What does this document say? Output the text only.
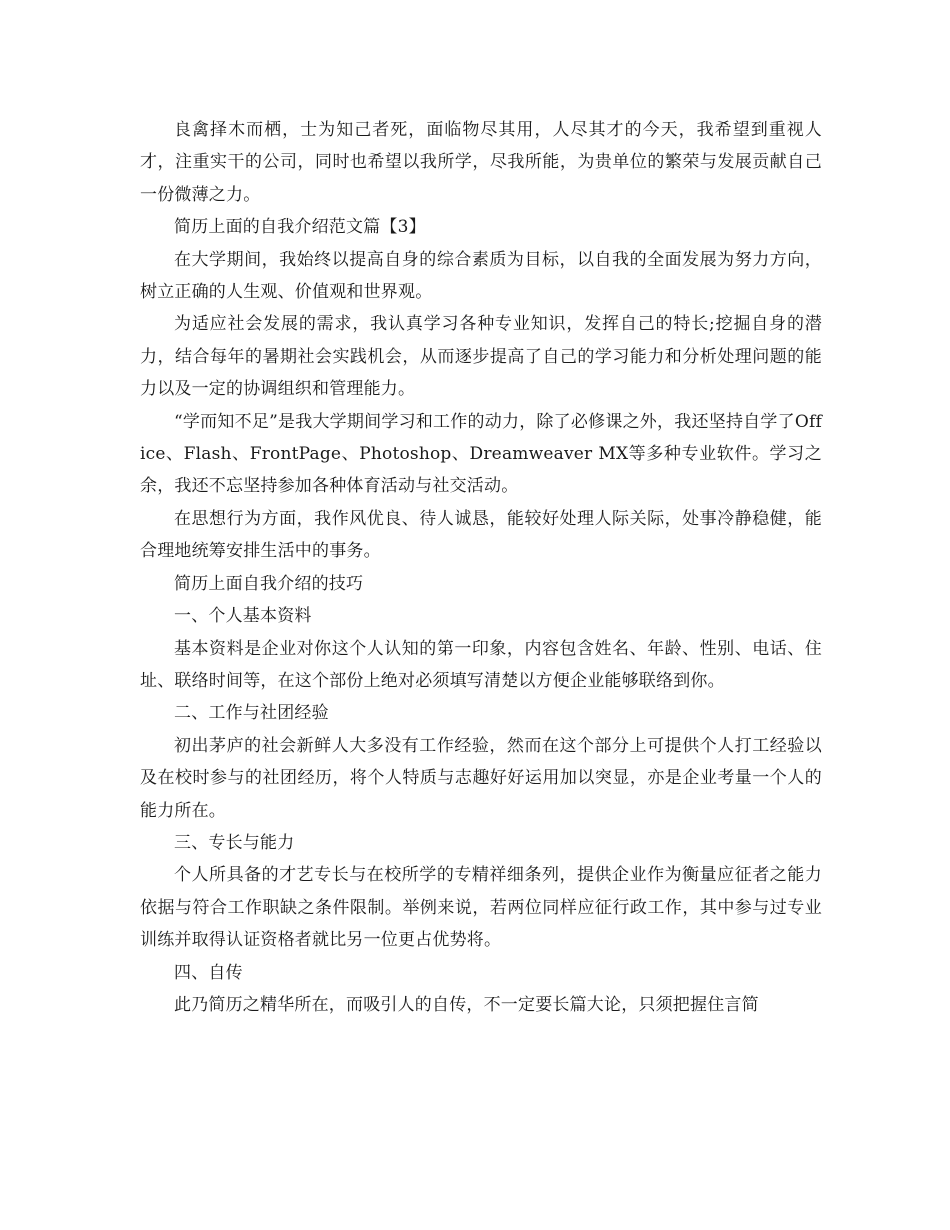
良禽择木而栖，士为知己者死，面临物尽其用，人尽其才的今天，我希望到重视人才，注重实干的公司，同时也希望以我所学，尽我所能，为贵单位的繁荣与发展贡献自己一份微薄之力。

简历上面的自我介绍范文篇【3】

在大学期间，我始终以提高自身的综合素质为目标，以自我的全面发展为努力方向，树立正确的人生观、价值观和世界观。

为适应社会发展的需求，我认真学习各种专业知识，发挥自己的特长;挖掘自身的潜力，结合每年的暑期社会实践机会，从而逐步提高了自己的学习能力和分析处理问题的能力以及一定的协调组织和管理能力。

“学而知不足”是我大学期间学习和工作的动力，除了必修课之外，我还坚持自学了Office、Flash、FrontPage、Photoshop、Dreamweaver MX等多种专业软件。学习之余，我还不忘坚持参加各种体育活动与社交活动。

在思想行为方面，我作风优良、待人诚恳，能较好处理人际关际，处事冷静稳健，能合理地统筹安排生活中的事务。

简历上面自我介绍的技巧

一、个人基本资料

基本资料是企业对你这个人认知的第一印象，内容包含姓名、年龄、性别、电话、住址、联络时间等，在这个部份上绝对必须填写清楚以方便企业能够联络到你。

二、工作与社团经验

初出茅庐的社会新鲜人大多没有工作经验，然而在这个部分上可提供个人打工经验以及在校时参与的社团经历，将个人特质与志趣好好运用加以突显，亦是企业考量一个人的能力所在。

三、专长与能力

个人所具备的才艺专长与在校所学的专精祥细条列，提供企业作为衡量应征者之能力依据与符合工作职缺之条件限制。举例来说，若两位同样应征行政工作，其中参与过专业训练并取得认证资格者就比另一位更占优势将。

四、自传

此乃简历之精华所在，而吸引人的自传，不一定要长篇大论，只须把握住言简
